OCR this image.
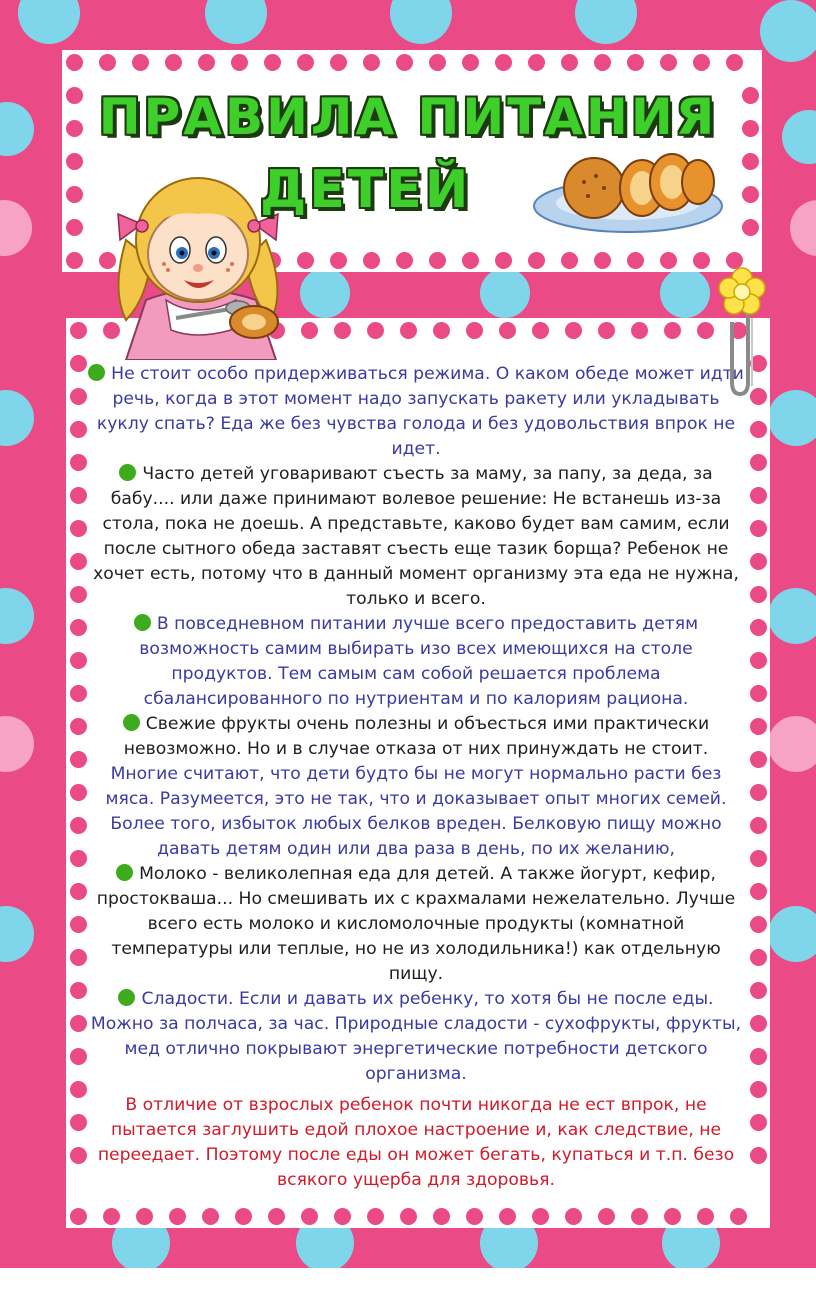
Не стоит особо придерживаться режима. О каком обеде может идти речь, когда в этот момент надо запускать ракету или укладывать куклу спать? Еда же без чувства голода и без удовольствия впрок не идет.

Часто детей уговаривают съесть за маму, за папу, за деда, за бабу.... или даже принимают волевое решение: Не встанешь из-за стола, пока не доешь. А представьте, каково будет вам самим, если после сытного обеда заставят съесть еще тазик борща? Ребенок не хочет есть, потому что в данный момент организму эта еда не нужна, только и всего.

В повседневном питании лучше всего предоставить детям возможность самим выбирать изо всех имеющихся на столе продуктов. Тем самым сам собой решается проблема сбалансированного по нутриентам и по калориям рациона.

Свежие фрукты очень полезны и объесться ими практически невозможно. Но и в случае отказа от них принуждать не стоит.

Многие считают, что дети будто бы не могут нормально расти без мяса. Разумеется, это не так, что и доказывает опыт многих семей. Более того, избыток любых белков вреден. Белковую пищу можно давать детям один или два раза в день, по их желанию,

Молоко - великолепная еда для детей. А также йогурт, кефир, простокваша... Но смешивать их с крахмалами нежелательно. Лучше всего есть молоко и кисломолочные продукты (комнатной температуры или теплые, но не из холодильника!) как отдельную пищу.

Сладости. Если и давать их ребенку, то хотя бы не после еды. Можно за полчаса, за час. Природные сладости - сухофрукты, фрукты, мед отлично покрывают энергетические потребности детского организма.

В отличие от взрослых ребенок почти никогда не ест впрок, не пытается заглушить едой плохое настроение и, как следствие, не переедает. Поэтому после еды он может бегать, купаться и т.п. безо всякого ущерба для здоровья.

ПРАВИЛА ПИТАНИЯ
ДЕТЕЙ
